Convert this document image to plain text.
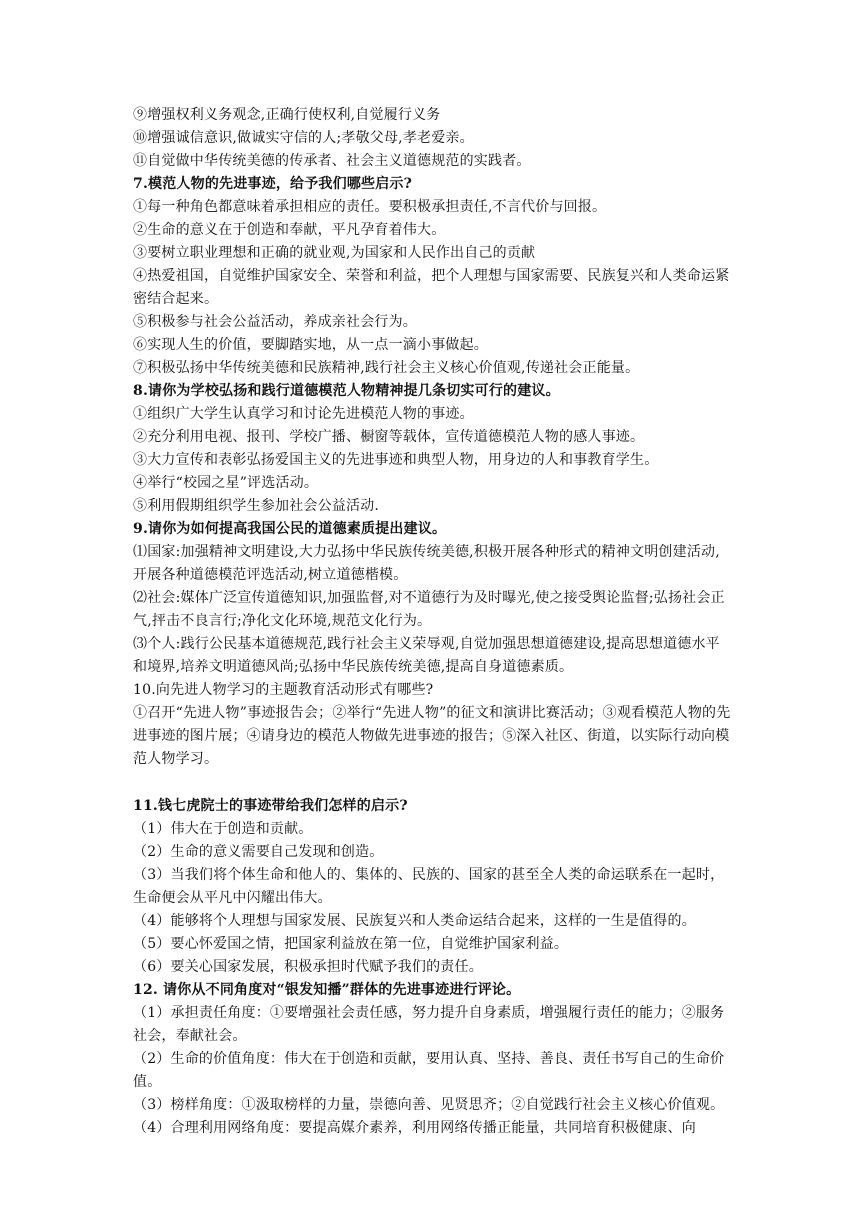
⑨增强权利义务观念,正确行使权利,自觉履行义务
⑩增强诚信意识,做诚实守信的人;孝敬父母,孝老爱亲。
⑪自觉做中华传统美德的传承者、社会主义道德规范的实践者。
7.模范人物的先进事迹，给予我们哪些启示?
①每一种角色都意味着承担相应的责任。要积极承担责任,不言代价与回报。
②生命的意义在于创造和奉献，平凡孕育着伟大。
③要树立职业理想和正确的就业观,为国家和人民作出自己的贡献
④热爱祖国，自觉维护国家安全、荣誉和利益，把个人理想与国家需要、民族复兴和人类命运紧密结合起来。
⑤积极参与社会公益活动，养成亲社会行为。
⑥实现人生的价值，要脚踏实地，从一点一滴小事做起。
⑦积极弘扬中华传统美德和民族精神,践行社会主义核心价值观,传递社会正能量。
8.请你为学校弘扬和践行道德模范人物精神提几条切实可行的建议。
①组织广大学生认真学习和讨论先进模范人物的事迹。
②充分利用电视、报刊、学校广播、橱窗等载体，宣传道德模范人物的感人事迹。
③大力宣传和表彰弘扬爱国主义的先进事迹和典型人物，用身边的人和事教育学生。
④举行“校园之星”评选活动。
⑤利用假期组织学生参加社会公益活动.
9.请你为如何提高我国公民的道德素质提出建议。
⑴国家:加强精神文明建设,大力弘扬中华民族传统美德,积极开展各种形式的精神文明创建活动,开展各种道德模范评选活动,树立道德楷模。
⑵社会:媒体广泛宣传道德知识,加强监督,对不道德行为及时曝光,使之接受舆论监督;弘扬社会正气,抨击不良言行;净化文化环境,规范文化行为。
⑶个人:践行公民基本道德规范,践行社会主义荣辱观,自觉加强思想道德建设,提高思想道德水平和境界,培养文明道德风尚;弘扬中华民族传统美德,提高自身道德素质。
10.向先进人物学习的主题教育活动形式有哪些?
①召开“先进人物”事迹报告会；②举行“先进人物”的征文和演讲比赛活动；③观看模范人物的先进事迹的图片展；④请身边的模范人物做先进事迹的报告；⑤深入社区、街道，以实际行动向模范人物学习。
11.钱七虎院士的事迹带给我们怎样的启示?
（1）伟大在于创造和贡献。
（2）生命的意义需要自己发现和创造。
（3）当我们将个体生命和他人的、集体的、民族的、国家的甚至全人类的命运联系在一起时，生命便会从平凡中闪耀出伟大。
（4）能够将个人理想与国家发展、民族复兴和人类命运结合起来，这样的一生是值得的。
（5）要心怀爱国之情，把国家利益放在第一位，自觉维护国家利益。
（6）要关心国家发展，积极承担时代赋予我们的责任。
12. 请你从不同角度对“银发知播”群体的先进事迹进行评论。
（1）承担责任角度：①要增强社会责任感，努力提升自身素质，增强履行责任的能力；②服务社会，奉献社会。
（2）生命的价值角度：伟大在于创造和贡献，要用认真、坚持、善良、责任书写自己的生命价值。
（3）榜样角度：①汲取榜样的力量，崇德向善、见贤思齐；②自觉践行社会主义核心价值观。
（4）合理利用网络角度：要提高媒介素养，利用网络传播正能量，共同培育积极健康、向
